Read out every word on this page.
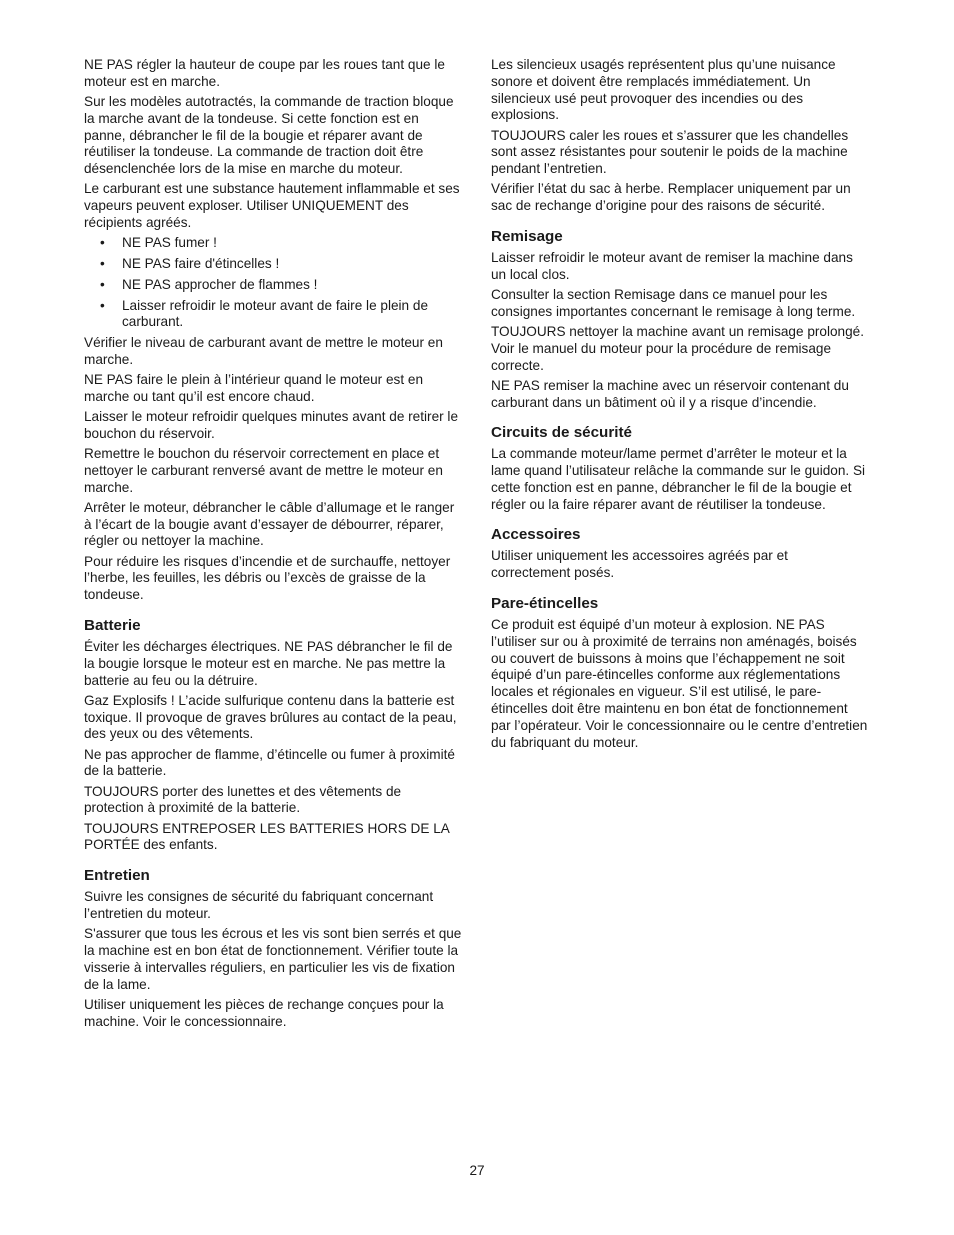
NE PAS régler la hauteur de coupe par les roues tant que le moteur est en marche.

Sur les modèles autotractés, la commande de traction bloque la marche avant de la tondeuse. Si cette fonction est en panne, débrancher le fil de la bougie et réparer avant de réutiliser la tondeuse. La commande de traction doit être désenclenchée lors de la mise en marche du moteur.

Le carburant est une substance hautement inflammable et ses vapeurs peuvent exploser. Utiliser UNIQUEMENT des récipients agréés.

• NE PAS fumer !
• NE PAS faire d'étincelles !
• NE PAS approcher de flammes !
• Laisser refroidir le moteur avant de faire le plein de carburant.

Vérifier le niveau de carburant avant de mettre le moteur en marche.

NE PAS faire le plein à l’intérieur quand le moteur est en marche ou tant qu’il est encore chaud.

Laisser le moteur refroidir quelques minutes avant de retirer le bouchon du réservoir.

Remettre le bouchon du réservoir correctement en place et nettoyer le carburant renversé avant de mettre le moteur en marche.

Arrêter le moteur, débrancher le câble d’allumage et le ranger à l’écart de la bougie avant d’essayer de débourrer, réparer, régler ou nettoyer la machine.

Pour réduire les risques d’incendie et de surchauffe, nettoyer l’herbe, les feuilles, les débris ou l’excès de graisse de la tondeuse.

Batterie

Éviter les décharges électriques. NE PAS débrancher le fil de la bougie lorsque le moteur est en marche. Ne pas mettre la batterie au feu ou la détruire.

Gaz Explosifs ! L’acide sulfurique contenu dans la batterie est toxique. Il provoque de graves brûlures au contact de la peau, des yeux ou des vêtements.

Ne pas approcher de flamme, d’étincelle ou fumer à proximité de la batterie.

TOUJOURS porter des lunettes et des vêtements de protection à proximité de la batterie.

TOUJOURS ENTREPOSER LES BATTERIES HORS DE LA PORTÉE des enfants.

Entretien

Suivre les consignes de sécurité du fabriquant concernant l’entretien du moteur.

S'assurer que tous les écrous et les vis sont bien serrés et que la machine est en bon état de fonctionnement. Vérifier toute la visserie à intervalles réguliers, en particulier les vis de fixation de la lame.

Utiliser uniquement les pièces de rechange conçues pour la machine. Voir le concessionnaire.

Les silencieux usagés représentent plus qu’une nuisance sonore et doivent être remplacés immédiatement. Un silencieux usé peut provoquer des incendies ou des explosions.

TOUJOURS caler les roues et s’assurer que les chandelles sont assez résistantes pour soutenir le poids de la machine pendant l’entretien.

Vérifier l’état du sac à herbe. Remplacer uniquement par un sac de rechange d’origine pour des raisons de sécurité.

Remisage

Laisser refroidir le moteur avant de remiser la machine dans un local clos.

Consulter la section Remisage dans ce manuel pour les consignes importantes concernant le remisage à long terme.

TOUJOURS nettoyer la machine avant un remisage prolongé. Voir le manuel du moteur pour la procédure de remisage correcte.

NE PAS remiser la machine avec un réservoir contenant du carburant dans un bâtiment où il y a risque d’incendie.

Circuits de sécurité

La commande moteur/lame permet d’arrêter le moteur et la lame quand l’utilisateur relâche la commande sur le guidon. Si cette fonction est en panne, débrancher le fil de la bougie et régler ou la faire réparer avant de réutiliser la tondeuse.

Accessoires

Utiliser uniquement les accessoires agréés par et correctement posés.

Pare-étincelles

Ce produit est équipé d’un moteur à explosion. NE PAS l’utiliser sur ou à proximité de terrains non aménagés, boisés ou couvert de buissons à moins que l’échappement ne soit équipé d’un pare-étincelles conforme aux réglementations locales et régionales en vigueur. S’il est utilisé, le pare-étincelles doit être maintenu en bon état de fonctionnement par l’opérateur. Voir le concessionnaire ou le centre d’entretien du fabriquant du moteur.

27
